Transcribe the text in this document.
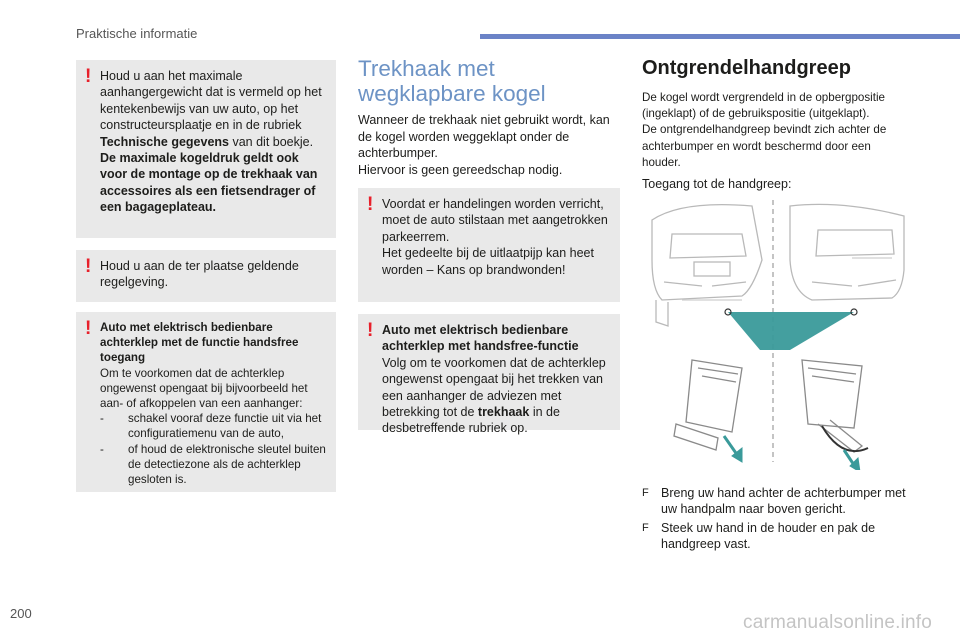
Praktische informatie
! Houd u aan het maximale aanhangergewicht dat is vermeld op het kentekenbewijs van uw auto, op het constructeursplaatje en in de rubriek Technische gegevens van dit boekje.

De maximale kogeldruk geldt ook voor de montage op de trekhaak van accessoires als een fietsendrager of een bagageplateau.

! Houd u aan de ter plaatse geldende regelgeving.

! Auto met elektrisch bedienbare achterklep met de functie handsfree toegang

Om te voorkomen dat de achterklep ongewenst opengaat bij bijvoorbeeld het aan- of afkoppelen van een aanhanger:

- schakel vooraf deze functie uit via het configuratiemenu van de auto,
- of houd de elektronische sleutel buiten de detectiezone als de achterklep gesloten is.
Trekhaak met wegklapbare kogel

Wanneer de trekhaak niet gebruikt wordt, kan de kogel worden weggeklapt onder de achterbumper.
Hiervoor is geen gereedschap nodig.

! Voordat er handelingen worden verricht, moet de auto stilstaan met aangetrokken parkeerrem.
Het gedeelte bij de uitlaatpijp kan heet worden – Kans op brandwonden!

! Auto met elektrisch bedienbare achterklep met handsfree-functie

Volg om te voorkomen dat de achterklep ongewenst opengaat bij het trekken van een aanhanger de adviezen met betrekking tot de trekhaak in de desbetreffende rubriek op.

Ontgrendelhandgreep

De kogel wordt vergrendeld in de opbergpositie (ingeklapt) of de gebruikspositie (uitgeklapt).
De ontgrendelhandgreep bevindt zich achter de achterbumper en wordt beschermd door een houder.

Toegang tot de handgreep:

F Breng uw hand achter de achterbumper met uw handpalm naar boven gericht.
F Steek uw hand in de houder en pak de handgreep vast.
200	carmanualsonline.info
